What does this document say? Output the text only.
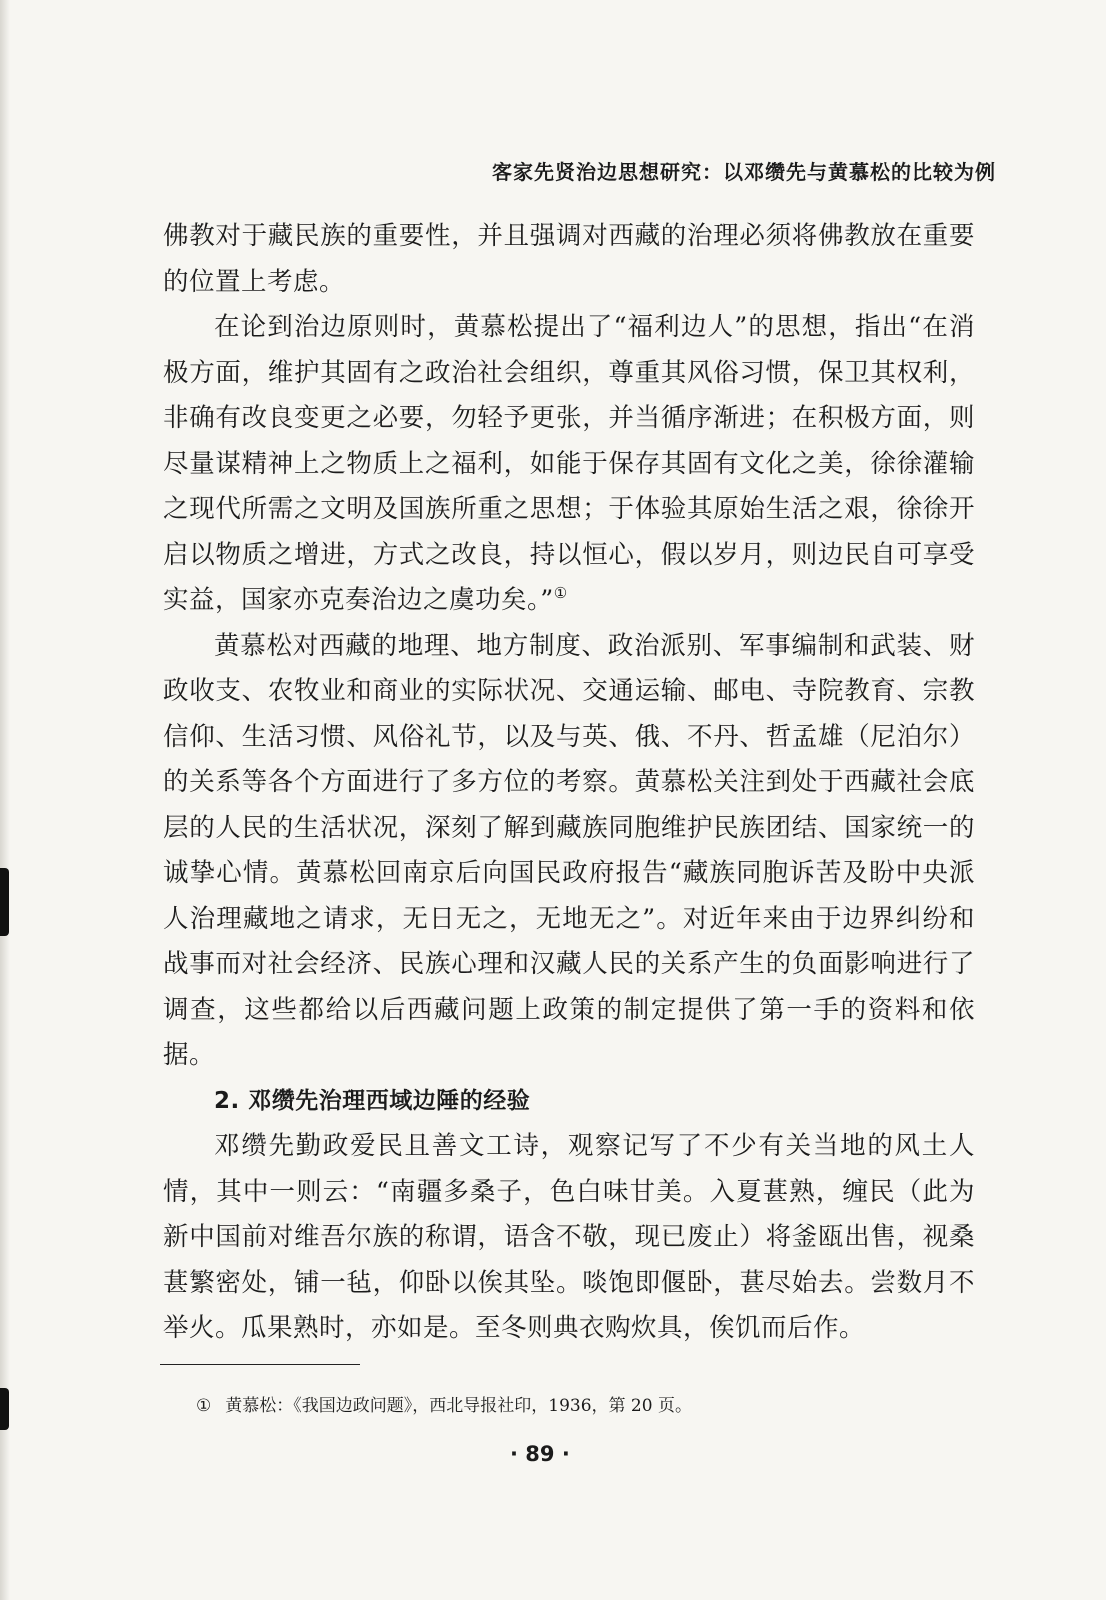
客家先贤治边思想研究：以邓缵先与黄慕松的比较为例

佛教对于藏民族的重要性，并且强调对西藏的治理必须将佛教放在重要的位置上考虑。

在论到治边原则时，黄慕松提出了“福利边人”的思想，指出“在消极方面，维护其固有之政治社会组织，尊重其风俗习惯，保卫其权利，非确有改良变更之必要，勿轻予更张，并当循序渐进；在积极方面，则尽量谋精神上之物质上之福利，如能于保存其固有文化之美，徐徐灌输之现代所需之文明及国族所重之思想；于体验其原始生活之艰，徐徐开启以物质之增进，方式之改良，持以恒心，假以岁月，则边民自可享受实益，国家亦克奏治边之虞功矣。”①

黄慕松对西藏的地理、地方制度、政治派别、军事编制和武装、财政收支、农牧业和商业的实际状况、交通运输、邮电、寺院教育、宗教信仰、生活习惯、风俗礼节，以及与英、俄、不丹、哲孟雄（尼泊尔）的关系等各个方面进行了多方位的考察。黄慕松关注到处于西藏社会底层的人民的生活状况，深刻了解到藏族同胞维护民族团结、国家统一的诚挚心情。黄慕松回南京后向国民政府报告“藏族同胞诉苦及盼中央派人治理藏地之请求，无日无之，无地无之”。对近年来由于边界纠纷和战事而对社会经济、民族心理和汉藏人民的关系产生的负面影响进行了调查，这些都给以后西藏问题上政策的制定提供了第一手的资料和依据。

2. 邓缵先治理西域边陲的经验

邓缵先勤政爱民且善文工诗，观察记写了不少有关当地的风土人情，其中一则云：“南疆多桑子，色白味甘美。入夏葚熟，缠民（此为新中国前对维吾尔族的称谓，语含不敬，现已废止）将釜瓯出售，视桑葚繁密处，铺一毡，仰卧以俟其坠。啖饱即偃卧，葚尽始去。尝数月不举火。瓜果熟时，亦如是。至冬则典衣购炊具，俟饥而后作。

① 黄慕松：《我国边政问题》，西北导报社印，1936，第 20 页。
· 89 ·
